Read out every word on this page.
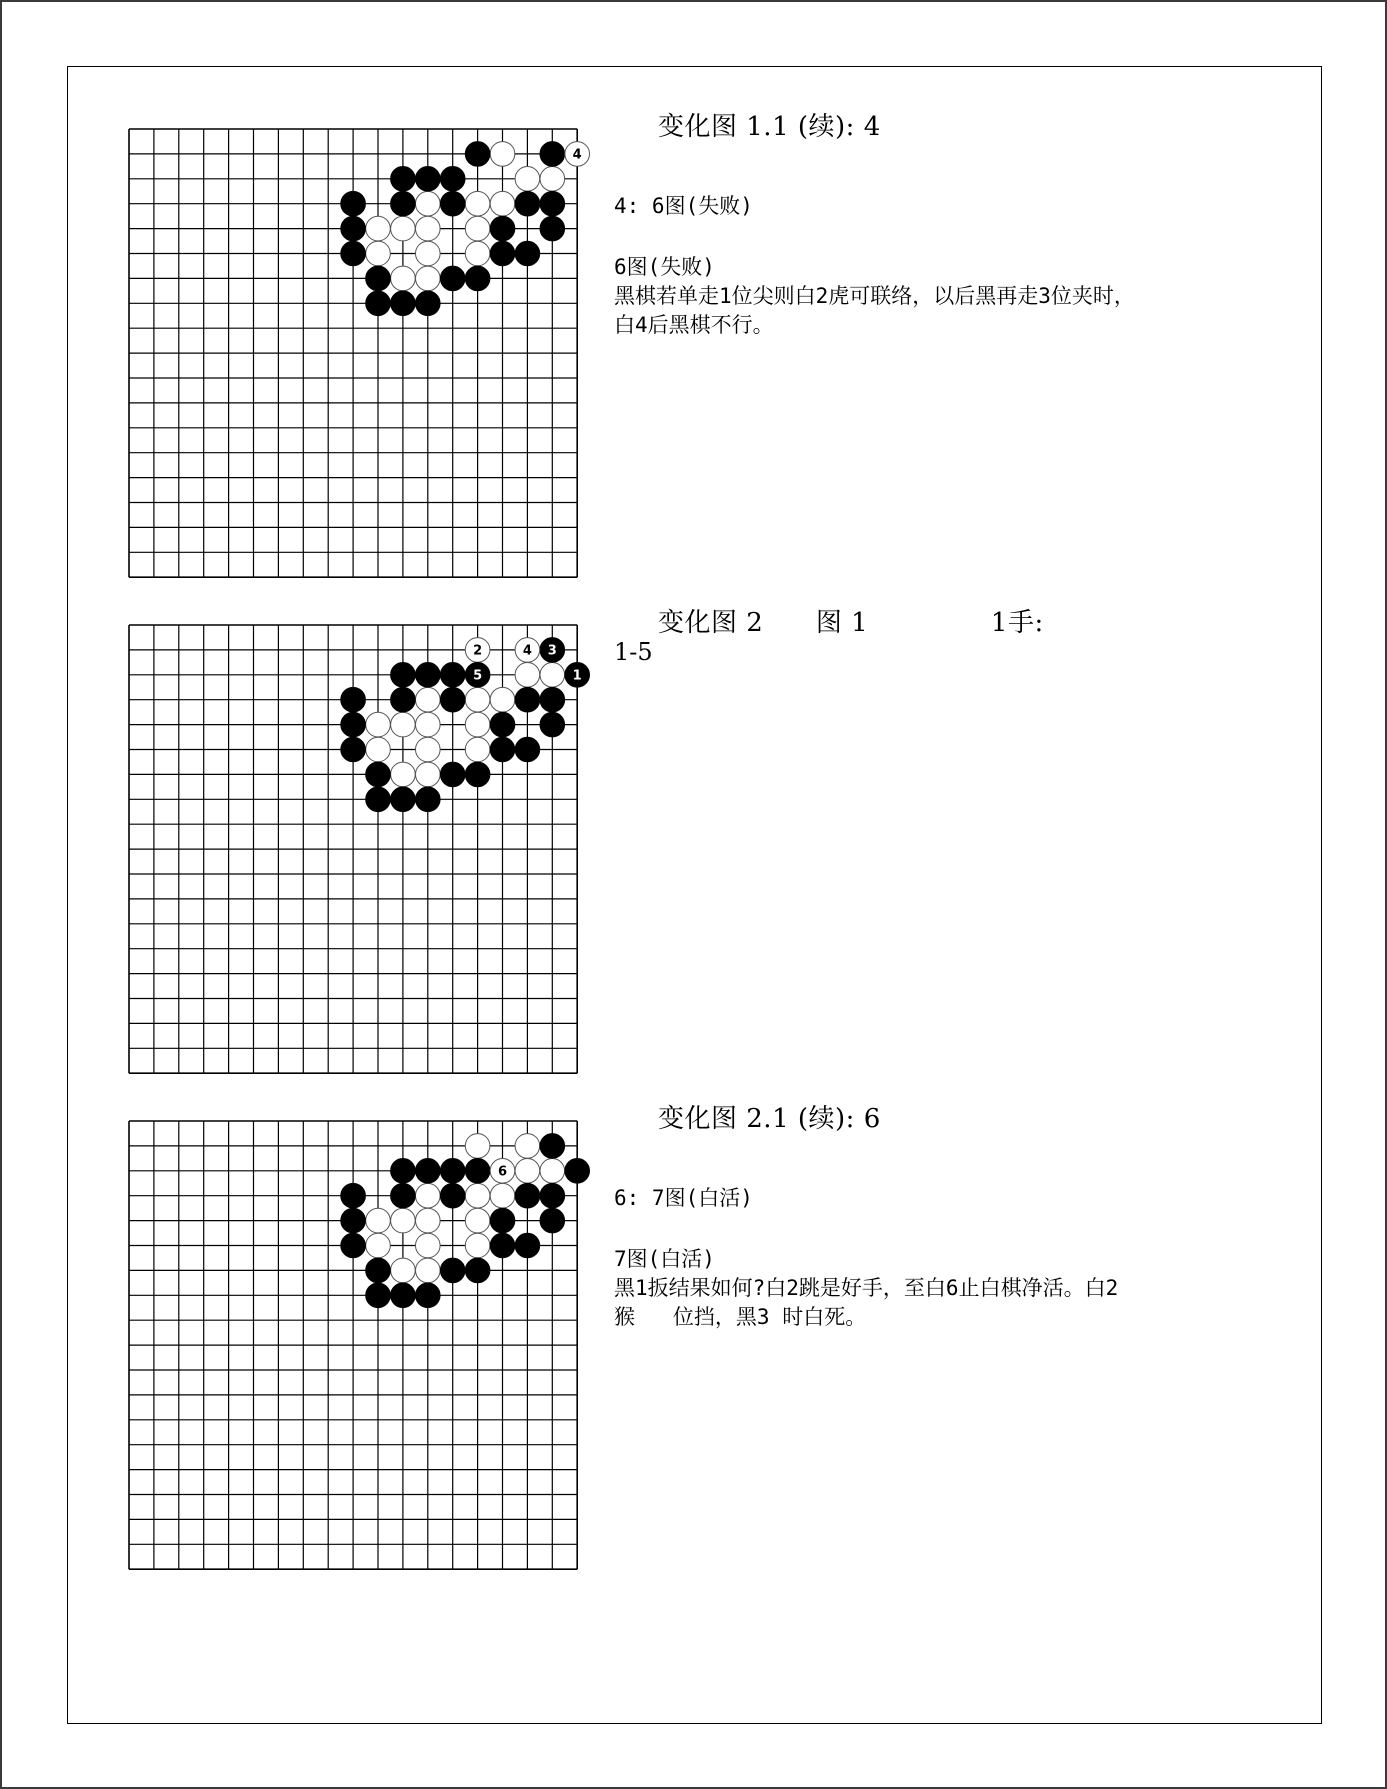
4
1
2	3
4
5
6
变化图 1.1 (续): 4
4: 6图(失败)
6图(失败)
黑棋若单走1位尖则白2虎可联络，以后黑再走3位夹时，
白4后黑棋不行。
变化图 2      图 1              1手:
1-5
变化图 2.1 (续): 6
6: 7图(白活)
7图(白活)
黑1扳结果如何?白2跳是好手，至白6止白棋净活。白2
猴   位挡，黑3 时白死。
